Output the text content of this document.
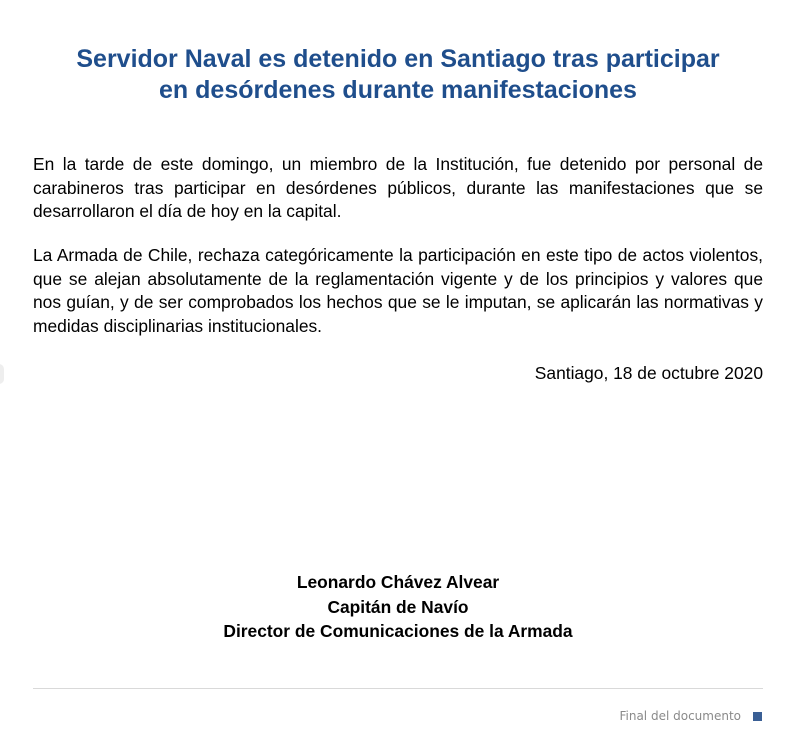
Servidor Naval es detenido en Santiago tras participar
en desórdenes durante manifestaciones
En la tarde de este domingo, un miembro de la Institución, fue detenido por personal de carabineros tras participar en desórdenes públicos, durante las manifestaciones que se desarrollaron el día de hoy en la capital.
La Armada de Chile, rechaza categóricamente la participación en este tipo de actos violentos, que se alejan absolutamente de la reglamentación vigente y de los principios y valores que nos guían, y de ser comprobados los hechos que se le imputan, se aplicarán las normativas y medidas disciplinarias institucionales.
Santiago, 18 de octubre 2020
Leonardo Chávez Alvear
Capitán de Navío
Director de Comunicaciones de la Armada
Final del documento
